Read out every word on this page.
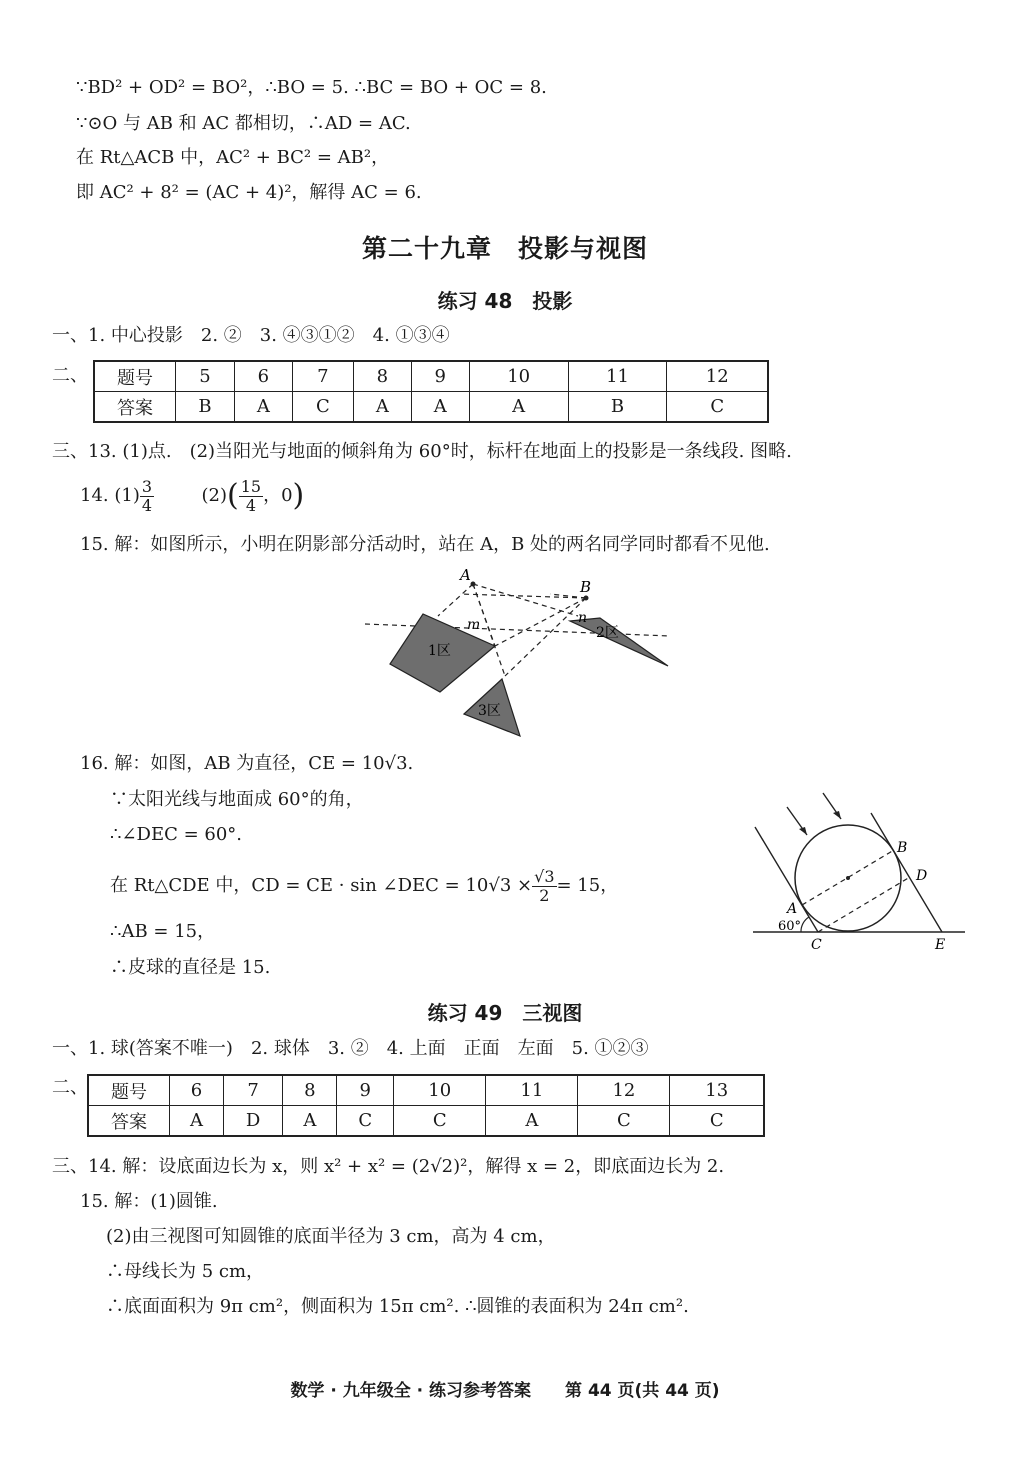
∵BD² + OD² = BO²，∴BO = 5. ∴BC = BO + OC = 8.
∵⊙O 与 AB 和 AC 都相切，∴AD = AC.
在 Rt△ACB 中，AC² + BC² = AB²，
即 AC² + 8² = (AC + 4)²，解得 AC = 6.
第二十九章　投影与视图
练习 48　投影
一、1. 中心投影　2. ②　3. ④③①②　4. ①③④
二、 题号	5	6	7	8	9	10	11	12
答案	B	A	C	A	A	A	B	C
三、13. (1)点.　(2)当阳光与地面的倾斜角为 60°时，标杆在地面上的投影是一条线段. 图略.
14. $(1) \frac{3}{4}$	$(2)( \frac{15}{4}$ ，0)
15. 解：如图所示，小明在阴影部分活动时，站在 A，B 处的两名同学同时都看不见他.
A
B
m	n
1区
2区
3区
16. 解：如图，AB 为直径，CE = 10√3.
∵太阳光线与地面成 60°的角，
∴∠DEC = 60°.
在 Rt△CDE 中，CD = CE · sin ∠DEC = $10√3 \times \frac{√3}{2} = 15$，
∴AB = 15，
∴皮球的直径是 15.
A
B
C
D
E
60°
练习 49　三视图
一、1. 球(答案不唯一)　2. 球体　3. ②　4. 上面　正面　左面　5. ①②③
二、 题号	6	7	8	9	10	11	12	13
答案	A	D	A	C	C	A	C	C
三、14. 解：设底面边长为 x，则 x² + x² = (2√2)²，解得 x = 2，即底面边长为 2.
15. 解：(1)圆锥.
(2)由三视图可知圆锥的底面半径为 3 cm，高为 4 cm，
∴母线长为 5 cm，
∴底面面积为 9π cm²，侧面积为 15π cm². ∴圆锥的表面积为 24π cm².
数学 · 九年级全 · 练习参考答案　　第 44 页(共 44 页)
